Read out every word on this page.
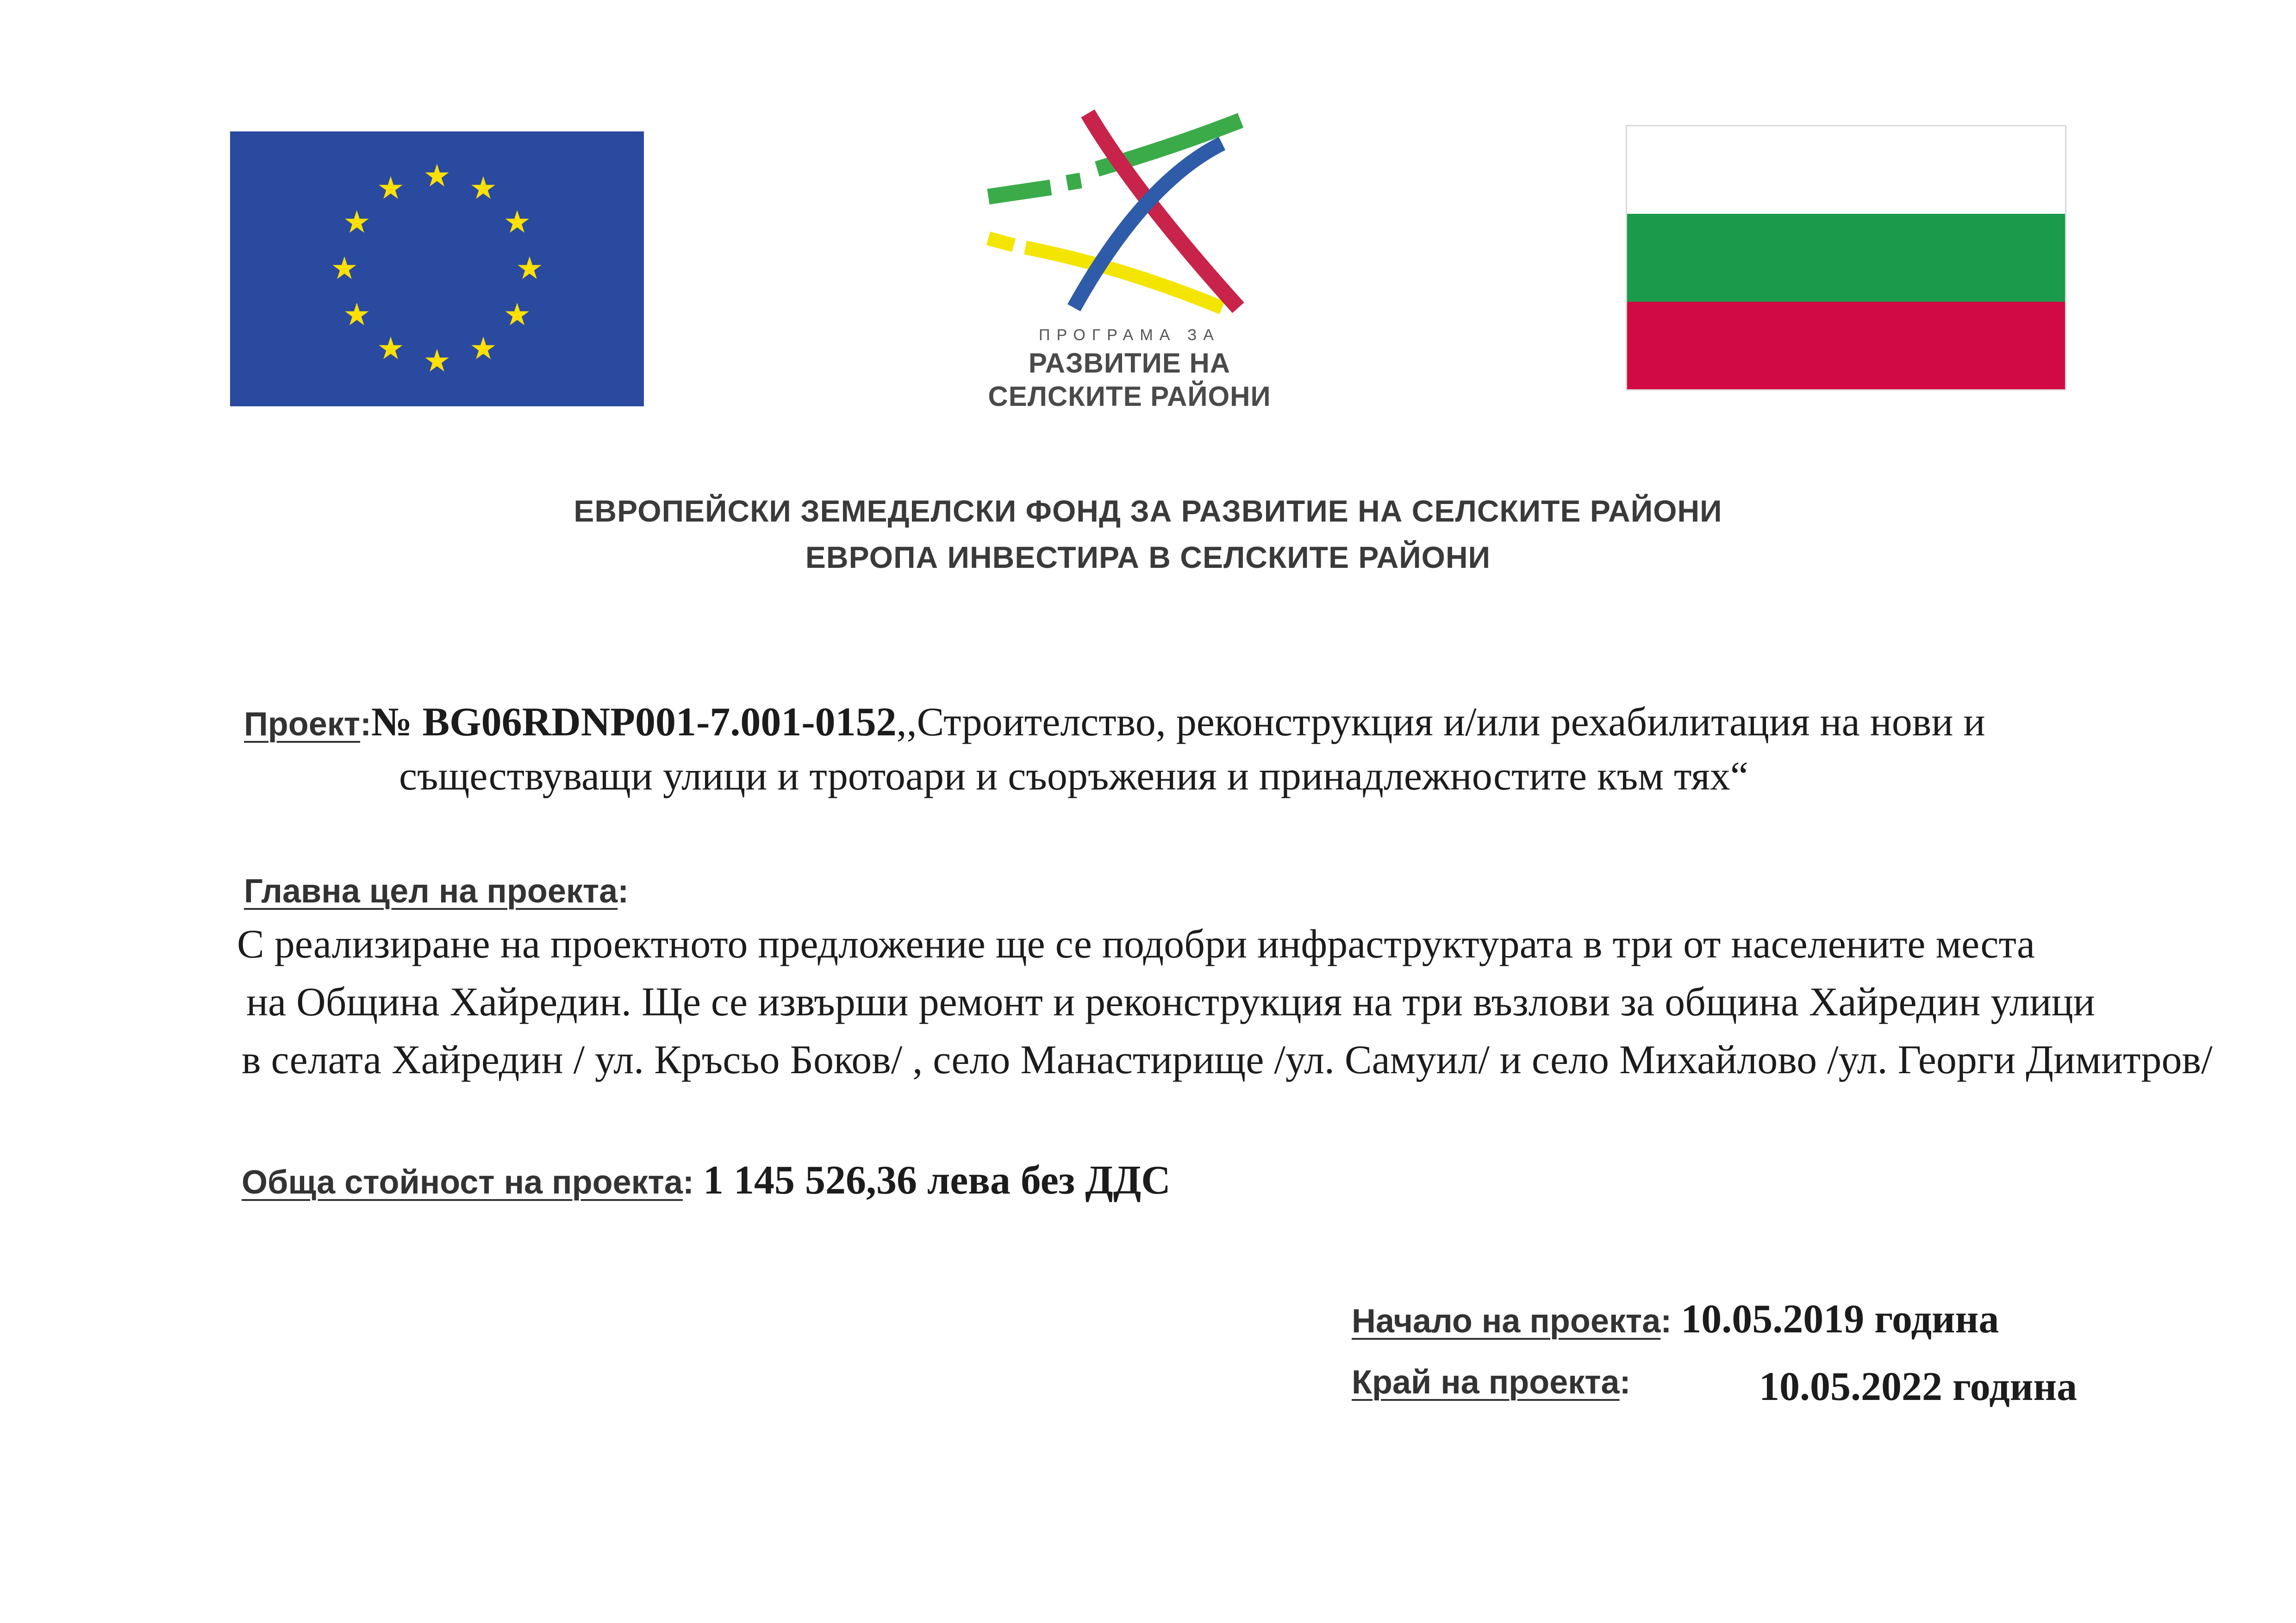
ПРОГРАМА ЗА
РАЗВИТИЕ НА
СЕЛСКИТЕ РАЙОНИ
ЕВРОПЕЙСКИ ЗЕМЕДЕЛСКИ ФОНД ЗА РАЗВИТИЕ НА СЕЛСКИТЕ РАЙОНИ
ЕВРОПА ИНВЕСТИРА В СЕЛСКИТЕ РАЙОНИ
Проект:№ BG06RDNP001-7.001-0152,,Строителство, реконструкция и/или рехабилитация на нови и
съществуващи улици и тротоари и съоръжения и принадлежностите към тях“
Главна цел на проекта:
С реализиране на проектното предложение ще се подобри инфраструктурата в три от населените места
на Община Хайредин. Ще се извърши ремонт и реконструкция на три възлови за община Хайредин улици
в селата Хайредин / ул. Кръсьо Боков/ , село Манастирище /ул. Самуил/ и село Михайлово /ул. Георги Димитров/
Обща стойност на проекта: 1 145 526,36 лева без ДДС
Начало на проекта: 10.05.2019 година
Край на проекта:	10.05.2022 година
